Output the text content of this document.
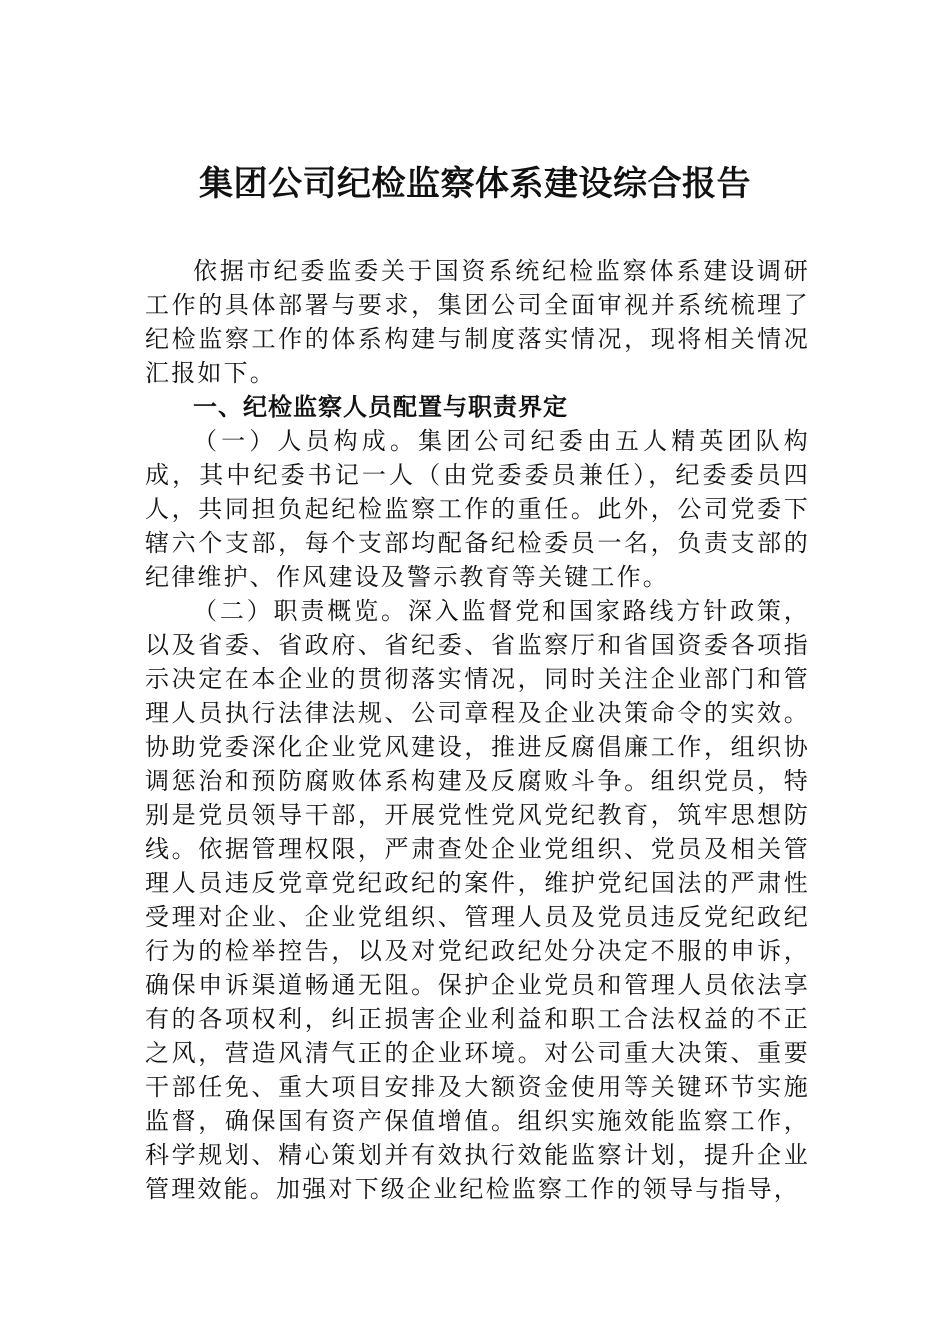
集团公司纪检监察体系建设综合报告

依据市纪委监委关于国资系统纪检监察体系建设调研工作的具体部署与要求，集团公司全面审视并系统梳理了纪检监察工作的体系构建与制度落实情况，现将相关情况汇报如下。

一、纪检监察人员配置与职责界定

（一）人员构成。集团公司纪委由五人精英团队构成，其中纪委书记一人（由党委委员兼任），纪委委员四人，共同担负起纪检监察工作的重任。此外，公司党委下辖六个支部，每个支部均配备纪检委员一名，负责支部的纪律维护、作风建设及警示教育等关键工作。

（二）职责概览。深入监督党和国家路线方针政策，以及省委、省政府、省纪委、省监察厅和省国资委各项指示决定在本企业的贯彻落实情况，同时关注企业部门和管理人员执行法律法规、公司章程及企业决策命令的实效。协助党委深化企业党风建设，推进反腐倡廉工作，组织协调惩治和预防腐败体系构建及反腐败斗争。组织党员，特别是党员领导干部，开展党性党风党纪教育，筑牢思想防线。依据管理权限，严肃查处企业党组织、党员及相关管理人员违反党章党纪政纪的案件，维护党纪国法的严肃性受理对企业、企业党组织、管理人员及党员违反党纪政纪行为的检举控告，以及对党纪政纪处分决定不服的申诉，确保申诉渠道畅通无阻。保护企业党员和管理人员依法享有的各项权利，纠正损害企业利益和职工合法权益的不正之风，营造风清气正的企业环境。对公司重大决策、重要干部任免、重大项目安排及大额资金使用等关键环节实施监督，确保国有资产保值增值。组织实施效能监察工作，科学规划、精心策划并有效执行效能监察计划，提升企业管理效能。加强对下级企业纪检监察工作的领导与指导，
